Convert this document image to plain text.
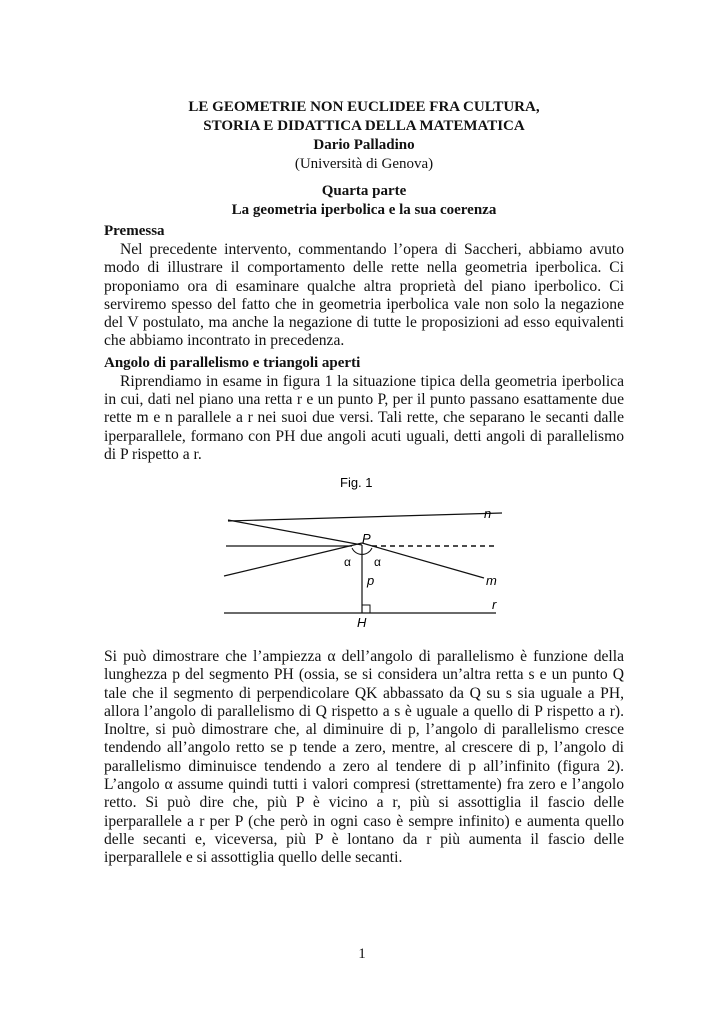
LE GEOMETRIE NON EUCLIDEE FRA CULTURA,
STORIA E DIDATTICA DELLA MATEMATICA
Dario Palladino
(Università di Genova)
Quarta parte
La geometria iperbolica e la sua coerenza
Premessa

Nel precedente intervento, commentando l’opera di Saccheri, abbiamo avuto modo di illustrare il comportamento delle rette nella geometria iperbolica. Ci proponiamo ora di esaminare qualche altra proprietà del piano iperbolico. Ci serviremo spesso del fatto che in geometria iperbolica vale non solo la negazione del V postulato, ma anche la negazione di tutte le proposizioni ad esso equivalenti che abbiamo incontrato in precedenza.

Angolo di parallelismo e triangoli aperti

Riprendiamo in esame in figura 1 la situazione tipica della geometria iperbolica in cui, dati nel piano una retta r e un punto P, per il punto passano esattamente due rette m e n parallele a r nei suoi due versi. Tali rette, che separano le secanti dalle iperparallele, formano con PH due angoli acuti uguali, detti angoli di parallelismo di P rispetto a r.

Fig. 1
n
P
α α
p	m
r
H

Si può dimostrare che l’ampiezza α dell’angolo di parallelismo è funzione della lunghezza p del segmento PH (ossia, se si considera un’altra retta s e un punto Q tale che il segmento di perpendicolare QK abbassato da Q su s sia uguale a PH, allora l’angolo di parallelismo di Q rispetto a s è uguale a quello di P rispetto a r). Inoltre, si può dimostrare che, al diminuire di p, l’angolo di parallelismo cresce tendendo all’angolo retto se p tende a zero, mentre, al crescere di p, l’angolo di parallelismo diminuisce tendendo a zero al tendere di p all’infinito (figura 2). L’angolo α assume quindi tutti i valori compresi (strettamente) fra zero e l’angolo retto. Si può dire che, più P è vicino a r, più si assottiglia il fascio delle iperparallele a r per P (che però in ogni caso è sempre infinito) e aumenta quello delle secanti e, viceversa, più P è lontano da r più aumenta il fascio delle iperparallele e si assottiglia quello delle secanti.

1
